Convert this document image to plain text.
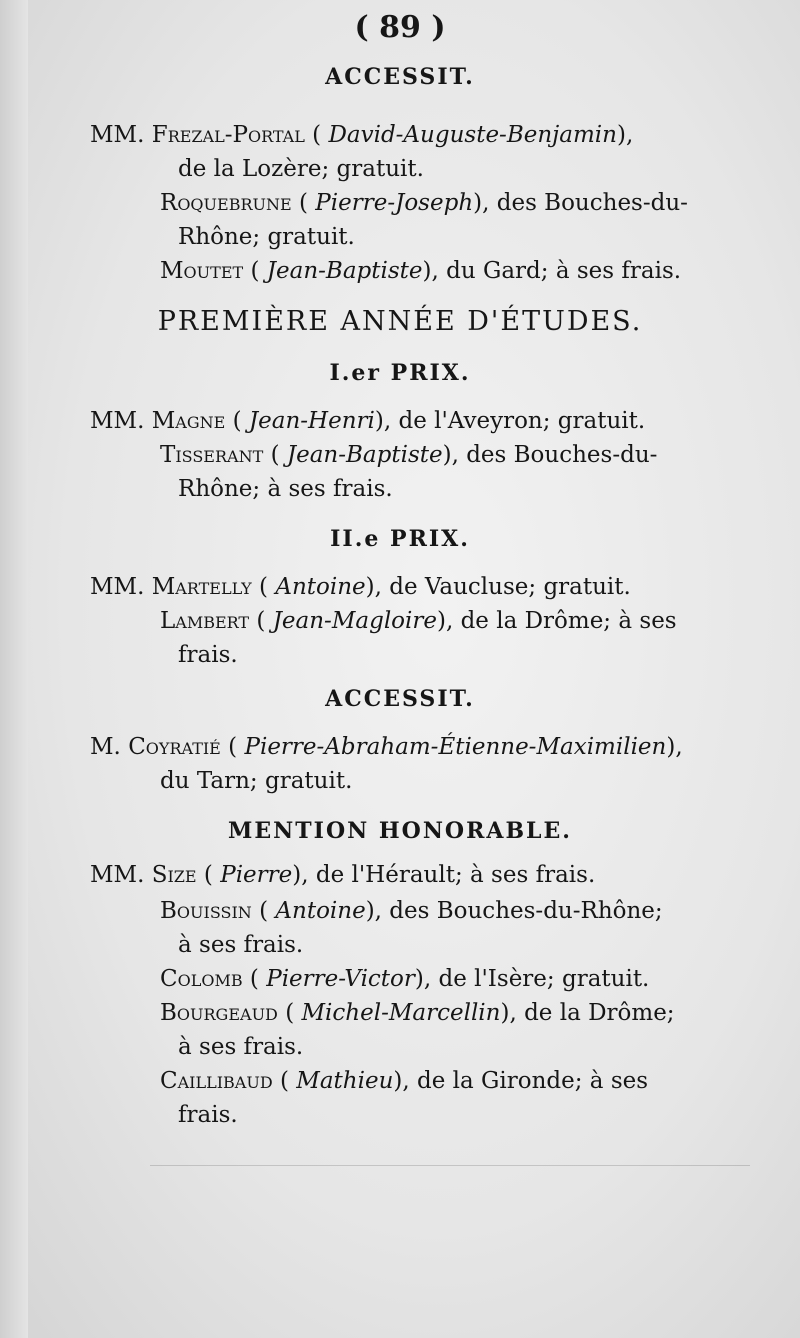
( 89 )
ACCESSIT.
MM. Frezal-Portal ( David-Auguste-Benjamin),
de la Lozère; gratuit.
Roquebrune ( Pierre-Joseph), des Bouches-du-
Rhône; gratuit.
Moutet ( Jean-Baptiste), du Gard; à ses frais.
PREMIÈRE ANNÉE D'ÉTUDES.
I.er PRIX.
MM. Magne ( Jean-Henri), de l'Aveyron; gratuit.
Tisserant ( Jean-Baptiste), des Bouches-du-
Rhône; à ses frais.
II.e PRIX.
MM. Martelly ( Antoine), de Vaucluse; gratuit.
Lambert ( Jean-Magloire), de la Drôme; à ses
frais.
ACCESSIT.
M. Coyratié ( Pierre-Abraham-Étienne-Maximilien),
du Tarn; gratuit.
MENTION HONORABLE.
MM. Size ( Pierre), de l'Hérault; à ses frais.
Bouissin ( Antoine), des Bouches-du-Rhône;
à ses frais.
Colomb ( Pierre-Victor), de l'Isère; gratuit.
Bourgeaud ( Michel-Marcellin), de la Drôme;
à ses frais.
Caillibaud ( Mathieu), de la Gironde; à ses
frais.
